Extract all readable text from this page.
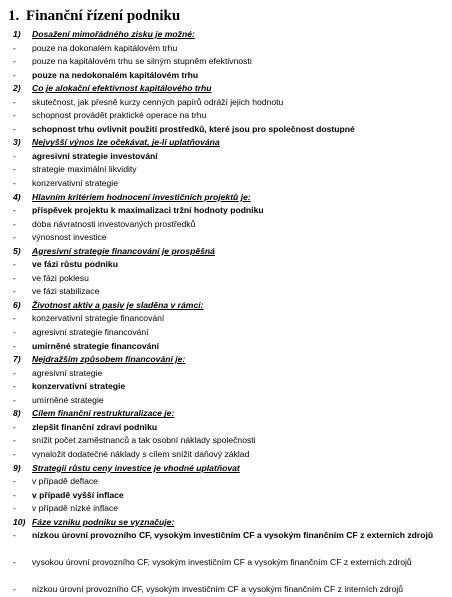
1. Finanční řízení podniku
1) Dosažení mimořádného zisku je možné:
- pouze na dokonalém kapitálovém trhu
- pouze na kapitálovém trhu se silným stupněm efektivnosti
- pouze na nedokonalém kapitálovém trhu
2) Co je alokační efektivnost kapitálového trhu
- skutečnost, jak přesně kurzy cenných papírů odráží jejich hodnotu
- schopnost provádět praktické operace na trhu
- schopnost trhu ovlivnit použití prostředků, které jsou pro společnost dostupné
3) Nejvyšší výnos lze očekávat, je-li uplatňována
- agresivní strategie investování
- strategie maximální likvidity
- konzervativní strategie
4) Hlavním kritériem hodnocení investičních projektů je:
- příspěvek projektu k maximalizaci tržní hodnoty podniku
- doba návratnosti investovaných prostředků
- výnosnost investice
5) Agresivní strategie financování je prospěšná
- ve fázi růstu podniku
- ve fázi poklesu
- ve fázi stabilizace
6) Životnost aktiv a pasiv je sladěna v rámci:
- konzervativní strategie financování
- agresivní strategie financování
- umírněné strategie financování
7) Nejdražším způsobem financování je:
- agresivní strategie
- konzervativní strategie
- umírněné strategie
8) Cílem finanční restrukturalizace je:
- zlepšit finanční zdraví podniku
- snížit počet zaměstnanců a tak osobní náklady společnosti
- vynaložit dodatečné náklady s cílem snížit daňový základ
9) Strategii růstu ceny investice je vhodné uplatňovat
- v případě deflace
- v případě vyšší inflace
- v případě nízké inflace
10) Fáze vzniku podniku se vyznačuje:
- nízkou úrovní provozního CF, vysokým investičním CF a vysokým finančním CF z externích zdrojů
- vysokou úrovní provozního CF, vysokým investičním CF a vysokým finančním CF z externích zdrojů
- nízkou úrovní provozního CF, vysokým investičním CF a vysokým finančním CF z interních zdrojů
